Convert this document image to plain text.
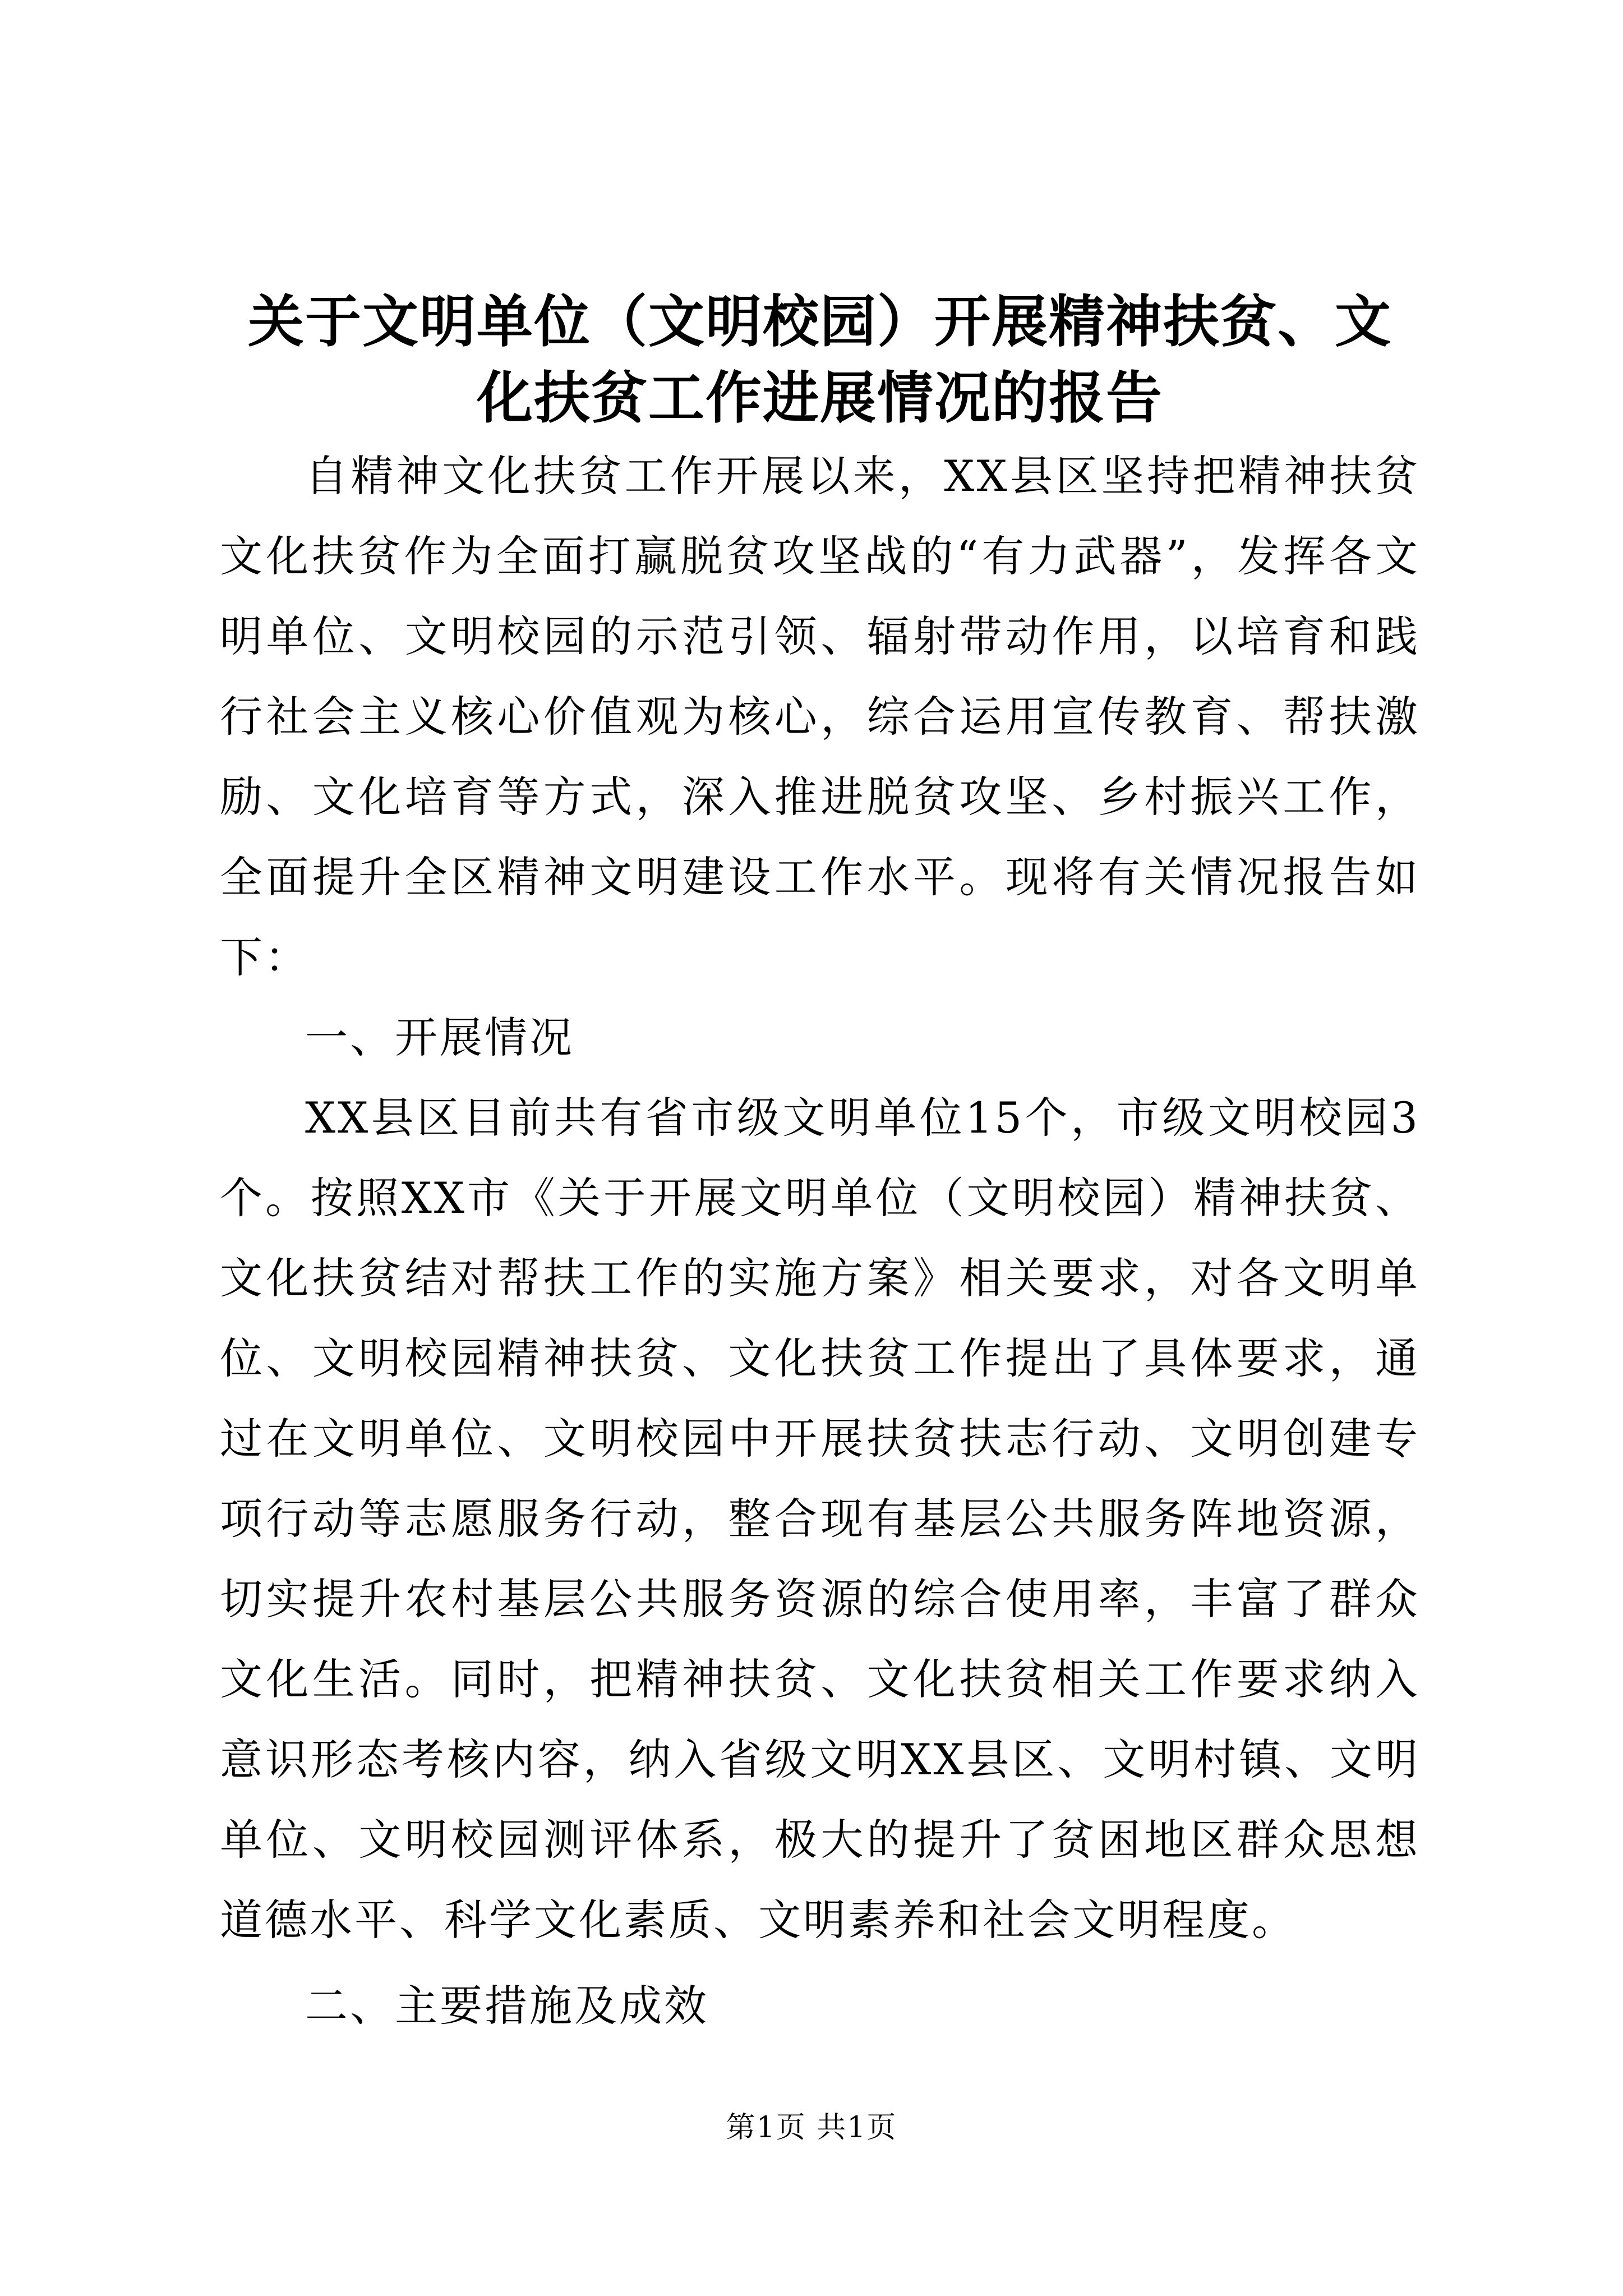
关于文明单位（文明校园）开展精神扶贫、文化扶贫工作进展情况的报告

自精神文化扶贫工作开展以来，XX县区坚持把精神扶贫文化扶贫作为全面打赢脱贫攻坚战的“有力武器”，发挥各文明单位、文明校园的示范引领、辐射带动作用，以培育和践行社会主义核心价值观为核心，综合运用宣传教育、帮扶激励、文化培育等方式，深入推进脱贫攻坚、乡村振兴工作，全面提升全区精神文明建设工作水平。现将有关情况报告如下：

一、开展情况

XX县区目前共有省市级文明单位15个，市级文明校园3个。按照XX市《关于开展文明单位（文明校园）精神扶贫、文化扶贫结对帮扶工作的实施方案》相关要求，对各文明单位、文明校园精神扶贫、文化扶贫工作提出了具体要求，通过在文明单位、文明校园中开展扶贫扶志行动、文明创建专项行动等志愿服务行动，整合现有基层公共服务阵地资源，切实提升农村基层公共服务资源的综合使用率，丰富了群众文化生活。同时，把精神扶贫、文化扶贫相关工作要求纳入意识形态考核内容，纳入省级文明XX县区、文明村镇、文明单位、文明校园测评体系，极大的提升了贫困地区群众思想道德水平、科学文化素质、文明素养和社会文明程度。

二、主要措施及成效

第1页 共1页
